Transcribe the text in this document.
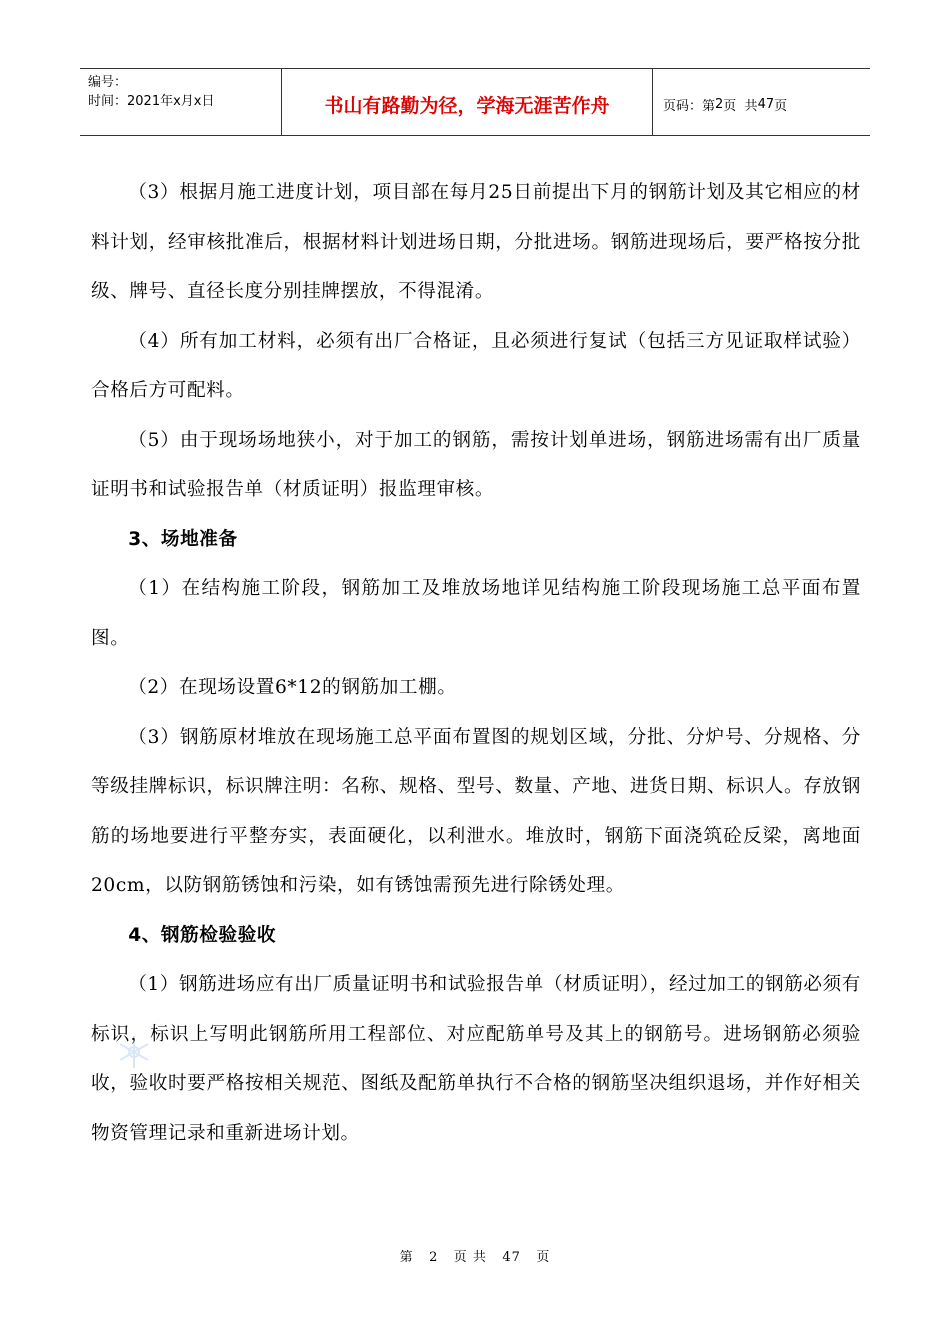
编号：
时间：2021年x月x日	书山有路勤为径，学海无涯苦作舟	页码：第 2 页  共 47 页

（3）根据月施工进度计划，项目部在每月25日前提出下月的钢筋计划及其它相应的材料计划，经审核批准后，根据材料计划进场日期，分批进场。钢筋进现场后，要严格按分批级、牌号、直径长度分别挂牌摆放，不得混淆。

（4）所有加工材料，必须有出厂合格证，且必须进行复试（包括三方见证取样试验）合格后方可配料。

（5）由于现场场地狭小，对于加工的钢筋，需按计划单进场，钢筋进场需有出厂质量证明书和试验报告单（材质证明）报监理审核。

3、场地准备

（1）在结构施工阶段，钢筋加工及堆放场地详见结构施工阶段现场施工总平面布置图。

（2）在现场设置6*12的钢筋加工棚。

（3）钢筋原材堆放在现场施工总平面布置图的规划区域，分批、分炉号、分规格、分等级挂牌标识，标识牌注明：名称、规格、型号、数量、产地、进货日期、标识人。存放钢筋的场地要进行平整夯实，表面硬化，以利泄水。堆放时，钢筋下面浇筑砼反梁，离地面20cm，以防钢筋锈蚀和污染，如有锈蚀需预先进行除锈处理。

4、钢筋检验验收

（1）钢筋进场应有出厂质量证明书和试验报告单（材质证明），经过加工的钢筋必须有标识，标识上写明此钢筋所用工程部位、对应配筋单号及其上的钢筋号。进场钢筋必须验收，验收时要严格按相关规范、图纸及配筋单执行不合格的钢筋坚决组织退场，并作好相关物资管理记录和重新进场计划。

第 2 页 共 47 页
